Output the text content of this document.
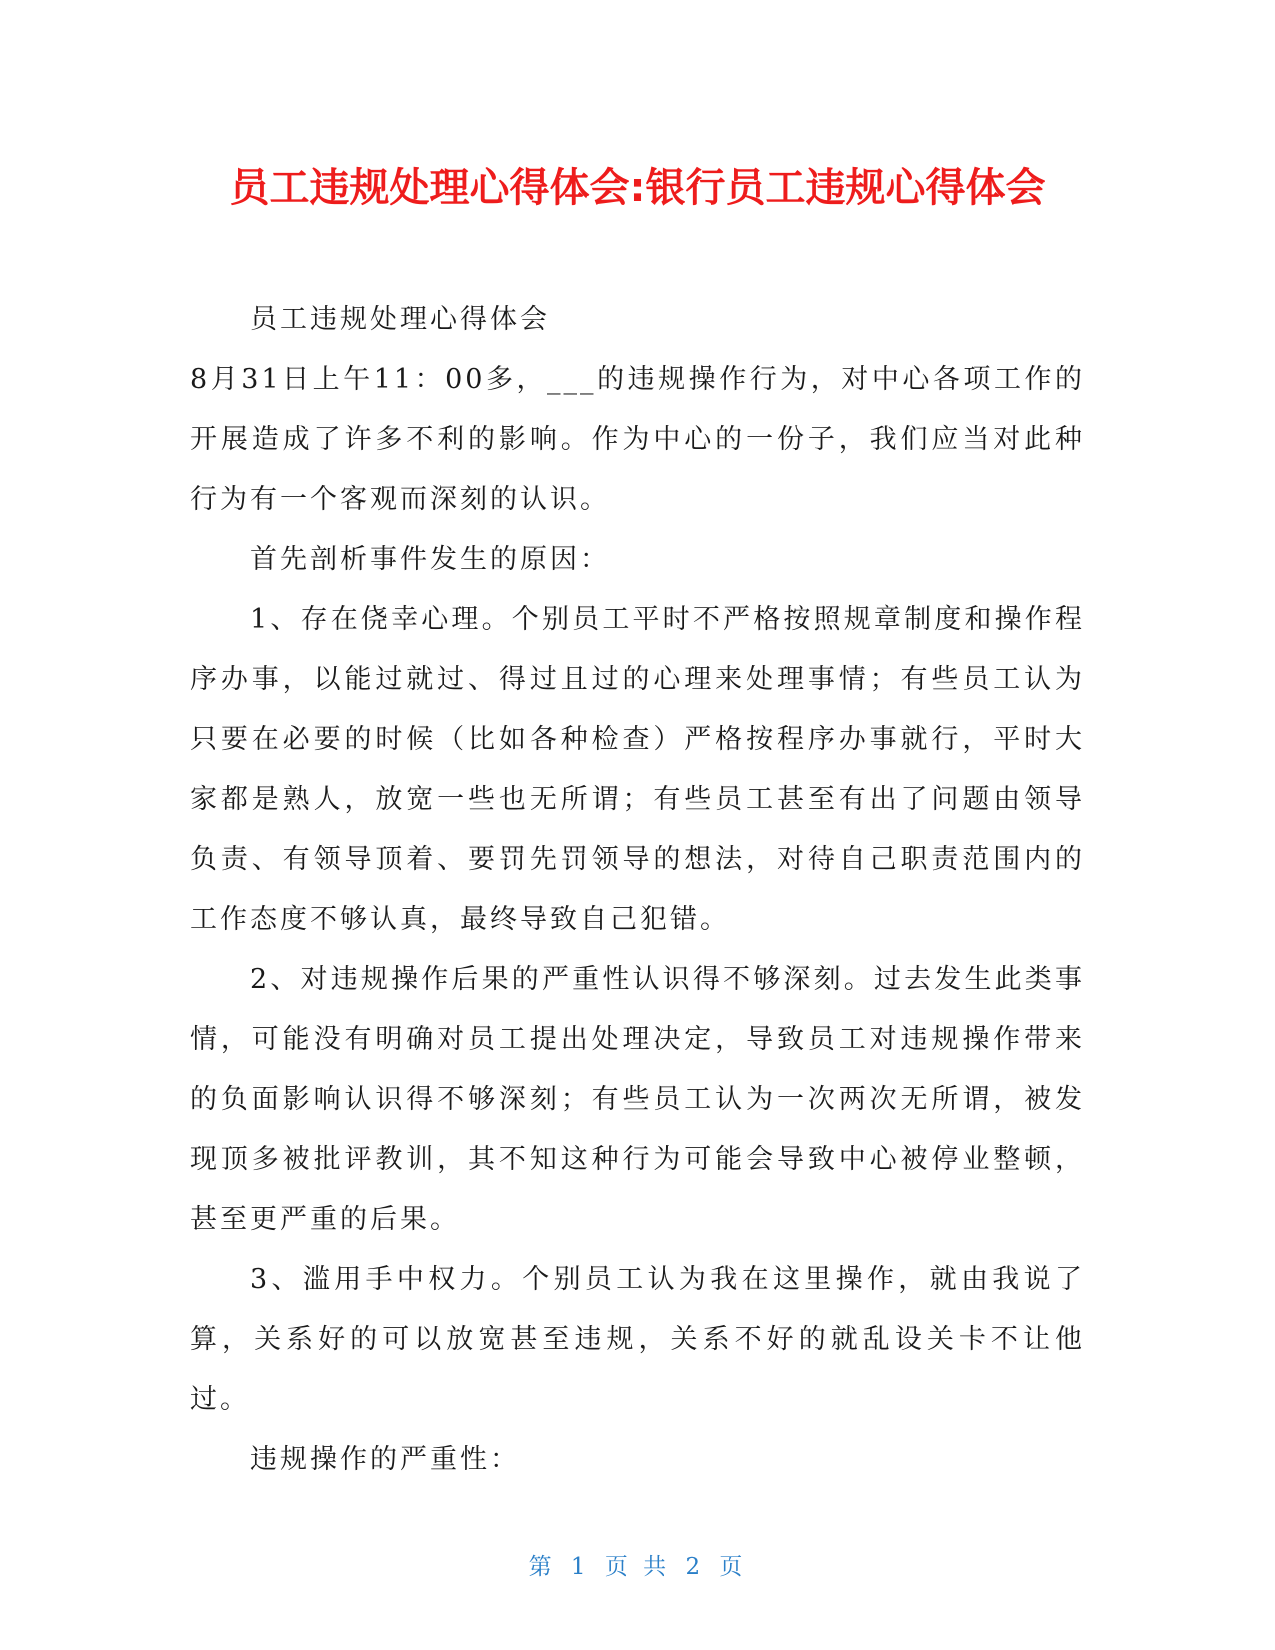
员工违规处理心得体会:银行员工违规心得体会

员工违规处理心得体会

8月31日上午11：00多，___的违规操作行为，对中心各项工作的开展造成了许多不利的影响。作为中心的一份子，我们应当对此种行为有一个客观而深刻的认识。

首先剖析事件发生的原因：

1、存在侥幸心理。个别员工平时不严格按照规章制度和操作程序办事，以能过就过、得过且过的心理来处理事情；有些员工认为只要在必要的时候（比如各种检查）严格按程序办事就行，平时大家都是熟人，放宽一些也无所谓；有些员工甚至有出了问题由领导负责、有领导顶着、要罚先罚领导的想法，对待自己职责范围内的工作态度不够认真，最终导致自己犯错。

2、对违规操作后果的严重性认识得不够深刻。过去发生此类事情，可能没有明确对员工提出处理决定，导致员工对违规操作带来的负面影响认识得不够深刻；有些员工认为一次两次无所谓，被发现顶多被批评教训，其不知这种行为可能会导致中心被停业整顿，甚至更严重的后果。

3、滥用手中权力。个别员工认为我在这里操作，就由我说了算，关系好的可以放宽甚至违规，关系不好的就乱设关卡不让他过。

违规操作的严重性：

第 1 页 共 2 页
